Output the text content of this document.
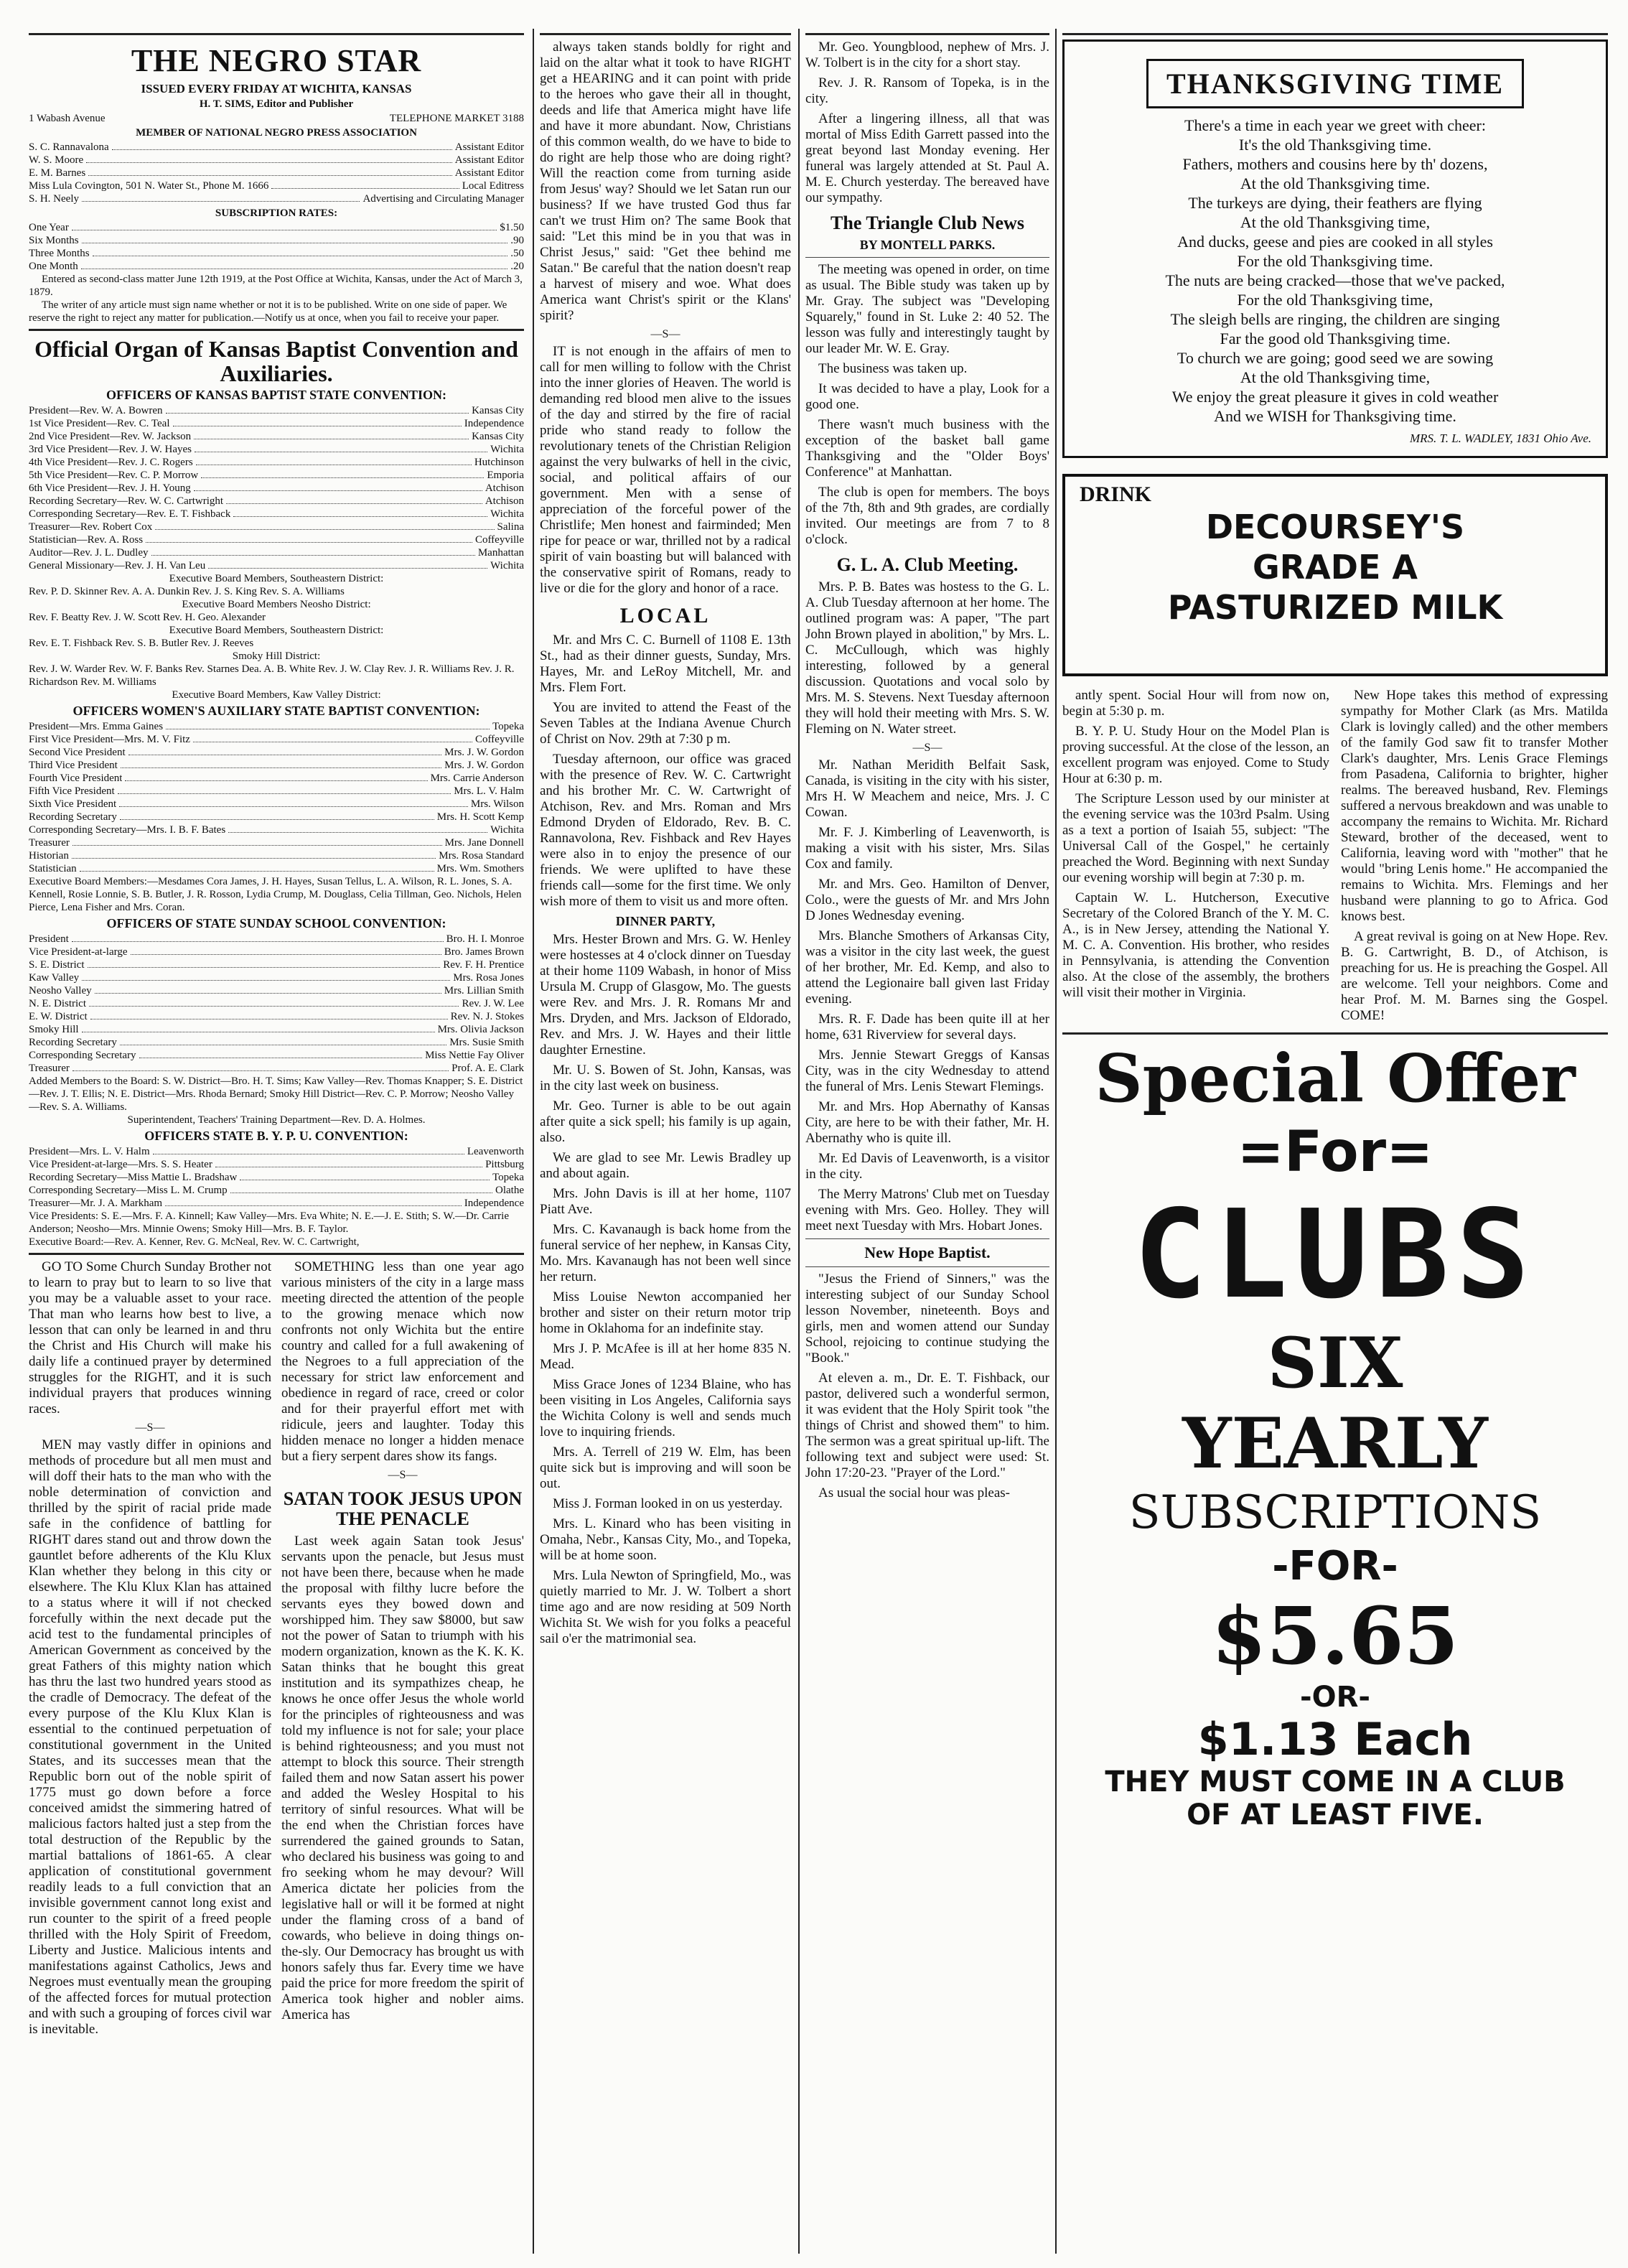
THE NEGRO STAR
ISSUED EVERY FRIDAY AT WICHITA, KANSAS
H. T. SIMS, Editor and Publisher
1 Wabash Avenue	TELEPHONE MARKET 3188
MEMBER OF NATIONAL NEGRO PRESS ASSOCIATION
S. C. Rannavalona	Assistant Editor
W. S. Moore	Assistant Editor
E. M. Barnes	Assistant Editor
Miss Lula Covington, 501 N. Water St., Phone M. 1666	Local Editress
S. H. Neely	Advertising and Circulating Manager
SUBSCRIPTION RATES:
One Year	$1.50
Six Months	.90
Three Months	.50
One Month	.20
Entered as second-class matter June 12th 1919, at the Post Office at Wichita, Kansas, under the Act of March 3, 1879.
The writer of any article must sign name whether or not it is to be published. Write on one side of paper. We reserve the right to reject any matter for publication.—Notify us at once, when you fail to receive your paper.
Official Organ of Kansas Baptist Convention and Auxiliaries.
OFFICERS OF KANSAS BAPTIST STATE CONVENTION:
President—Rev. W. A. Bowren	Kansas City
1st Vice President—Rev. C. Teal	Independence
2nd Vice President—Rev. W. Jackson	Kansas City
3rd Vice President—Rev. J. W. Hayes	Wichita
4th Vice President—Rev. J. C. Rogers	Hutchinson
5th Vice President—Rev. C. P. Morrow	Emporia
6th Vice President—Rev. J. H. Young	Atchison
Recording Secretary—Rev. W. C. Cartwright	Atchison
Corresponding Secretary—Rev. E. T. Fishback	Wichita
Treasurer—Rev. Robert Cox	Salina
Statistician—Rev. A. Ross	Coffeyville
Auditor—Rev. J. L. Dudley	Manhattan
General Missionary—Rev. J. H. Van Leu	Wichita
Executive Board Members, Southeastern District:
Rev. P. D. Skinner Rev. A. A. Dunkin Rev. J. S. King Rev. S. A. Williams
Executive Board Members Neosho District:
Rev. F. Beatty Rev. J. W. Scott Rev. H. Geo. Alexander
Executive Board Members, Southeastern District:
Rev. E. T. Fishback Rev. S. B. Butler Rev. J. Reeves
Smoky Hill District:
Rev. J. W. Warder Rev. W. F. Banks Rev. Starnes Dea. A. B. White Rev. J. W. Clay Rev. J. R. Williams Rev. J. R. Richardson Rev. M. Williams
Executive Board Members, Kaw Valley District:
OFFICERS WOMEN'S AUXILIARY STATE BAPTIST CONVENTION:
President—Mrs. Emma Gaines	Topeka
First Vice President—Mrs. M. V. Fitz	Coffeyville
Second Vice President	Mrs. J. W. Gordon
Third Vice President	Mrs. J. W. Gordon
Fourth Vice President	Mrs. Carrie Anderson
Fifth Vice President	Mrs. L. V. Halm
Sixth Vice President	Mrs. Wilson
Recording Secretary	Mrs. H. Scott Kemp
Corresponding Secretary—Mrs. I. B. F. Bates	Wichita
Treasurer	Mrs. Jane Donnell
Historian	Mrs. Rosa Standard
Statistician	Mrs. Wm. Smothers
Executive Board Members:—Mesdames Cora James, J. H. Hayes, Susan Tellus, L. A. Wilson, R. L. Jones, S. A. Kennell, Rosie Lonnie, S. B. Butler, J. R. Rosson, Lydia Crump, M. Douglass, Celia Tillman, Geo. Nichols, Helen Pierce, Lena Fisher and Mrs. Coran.
OFFICERS OF STATE SUNDAY SCHOOL CONVENTION:
President	Bro. H. I. Monroe
Vice President-at-large	Bro. James Brown
S. E. District	Rev. F. H. Prentice
Kaw Valley	Mrs. Rosa Jones
Neosho Valley	Mrs. Lillian Smith
N. E. District	Rev. J. W. Lee
E. W. District	Rev. N. J. Stokes
Smoky Hill	Mrs. Olivia Jackson
Recording Secretary	Mrs. Susie Smith
Corresponding Secretary	Miss Nettie Fay Oliver
Treasurer	Prof. A. E. Clark
Added Members to the Board: S. W. District—Bro. H. T. Sims; Kaw Valley—Rev. Thomas Knapper; S. E. District—Rev. J. T. Ellis; N. E. District—Mrs. Rhoda Bernard; Smoky Hill District—Rev. C. P. Morrow; Neosho Valley—Rev. S. A. Williams.
Superintendent, Teachers' Training Department—Rev. D. A. Holmes.
OFFICERS STATE B. Y. P. U. CONVENTION:
President—Mrs. L. V. Halm	Leavenworth
Vice President-at-large—Mrs. S. S. Heater	Pittsburg
Recording Secretary—Miss Mattie L. Bradshaw	Topeka
Corresponding Secretary—Miss L. M. Crump	Olathe
Treasurer—Mr. J. A. Markham	Independence
Vice Presidents: S. E.—Mrs. F. A. Kinnell; Kaw Valley—Mrs. Eva White; N. E.—J. E. Stith; S. W.—Dr. Carrie Anderson; Neosho—Mrs. Minnie Owens; Smoky Hill—Mrs. B. F. Taylor.
Executive Board:—Rev. A. Kenner, Rev. G. McNeal, Rev. W. C. Cartwright,

GO TO Some Church Sunday Brother not to learn to pray but to learn to so live that you may be a valuable asset to your race. That man who learns how best to live, a lesson that can only be learned in and thru the Christ and His Church will make his daily life a continued prayer by determined struggles for the RIGHT, and it is such individual prayers that produces winning races.

—S—

MEN may vastly differ in opinions and methods of procedure but all men must and will doff their hats to the man who with the noble determination of conviction and thrilled by the spirit of racial pride made safe in the confidence of battling for RIGHT dares stand out and throw down the gauntlet before adherents of the Klu Klux Klan whether they belong in this city or elsewhere. The Klu Klux Klan has attained to a status where it will if not checked forcefully within the next decade put the acid test to the fundamental principles of American Government as conceived by the great Fathers of this mighty nation which has thru the last two hundred years stood as the cradle of Democracy. The defeat of the every purpose of the Klu Klux Klan is essential to the continued perpetuation of constitutional government in the United States, and its successes mean that the Republic born out of the noble spirit of 1775 must go down before a force conceived amidst the simmering hatred of malicious factors halted just a step from the total destruction of the Republic by the martial battalions of 1861-65. A clear application of constitutional government readily leads to a full conviction that an invisible government cannot long exist and run counter to the spirit of a freed people thrilled with the Holy Spirit of Freedom, Liberty and Justice. Malicious intents and manifestations against Catholics, Jews and Negroes must eventually mean the grouping of the affected forces for mutual protection and with such a grouping of forces civil war is inevitable.

SOMETHING less than one year ago various ministers of the city in a large mass meeting directed the attention of the people to the growing menace which now confronts not only Wichita but the entire country and called for a full awakening of the Negroes to a full appreciation of the necessary for strict law enforcement and obedience in regard of race, creed or color and for their prayerful effort met with ridicule, jeers and laughter. Today this hidden menace no longer a hidden menace but a fiery serpent dares show its fangs.

—S—
SATAN TOOK JESUS UPON THE PENACLE

Last week again Satan took Jesus' servants upon the penacle, but Jesus must not have been there, because when he made the proposal with filthy lucre before the servants eyes they bowed down and worshipped him. They saw $8000, but saw not the power of Satan to triumph with his modern organization, known as the K. K. K. Satan thinks that he bought this great institution and its sympathizes cheap, he knows he once offer Jesus the whole world for the principles of righteousness and was told my influence is not for sale; your place is behind righteousness; and you must not attempt to block this source. Their strength failed them and now Satan assert his power and added the Wesley Hospital to his territory of sinful resources. What will be the end when the Christian forces have surrendered the gained grounds to Satan, who declared his business was going to and fro seeking whom he may devour? Will America dictate her policies from the legislative hall or will it be formed at night under the flaming cross of a band of cowards, who believe in doing things on-the-sly. Our Democracy has brought us with honors safely thus far. Every time we have paid the price for more freedom the spirit of America took higher and nobler aims. America has

always taken stands boldly for right and laid on the altar what it took to have RIGHT get a HEARING and it can point with pride to the heroes who gave their all in thought, deeds and life that America might have life and have it more abundant. Now, Christians of this common wealth, do we have to bide to do right are help those who are doing right? Will the reaction come from turning aside from Jesus' way? Should we let Satan run our business? If we have trusted God thus far can't we trust Him on? The same Book that said: "Let this mind be in you that was in Christ Jesus," said: "Get thee behind me Satan." Be careful that the nation doesn't reap a harvest of misery and woe. What does America want Christ's spirit or the Klans' spirit?

—S—

IT is not enough in the affairs of men to call for men willing to follow with the Christ into the inner glories of Heaven. The world is demanding red blood men alive to the issues of the day and stirred by the fire of racial pride who stand ready to follow the revolutionary tenets of the Christian Religion against the very bulwarks of hell in the civic, social, and political affairs of our government. Men with a sense of appreciation of the forceful power of the Christlife; Men honest and fairminded; Men ripe for peace or war, thrilled not by a radical spirit of vain boasting but will balanced with the conservative spirit of Romans, ready to live or die for the glory and honor of a race.

LOCAL

Mr. and Mrs C. C. Burnell of 1108 E. 13th St., had as their dinner guests, Sunday, Mrs. Hayes, Mr. and LeRoy Mitchell, Mr. and Mrs. Flem Fort.

You are invited to attend the Feast of the Seven Tables at the Indiana Avenue Church of Christ on Nov. 29th at 7:30 p m.

Tuesday afternoon, our office was graced with the presence of Rev. W. C. Cartwright and his brother Mr. C. W. Cartwright of Atchison, Rev. and Mrs. Roman and Mrs Edmond Dryden of Eldorado, Rev. B. C. Rannavolona, Rev. Fishback and Rev Hayes were also in to enjoy the presence of our friends. We were uplifted to have these friends call—some for the first time. We only wish more of them to visit us and more often.

DINNER PARTY,

Mrs. Hester Brown and Mrs. G. W. Henley were hostesses at 4 o'clock dinner on Tuesday at their home 1109 Wabash, in honor of Miss Ursula M. Crupp of Glasgow, Mo. The guests were Rev. and Mrs. J. R. Romans Mr and Mrs. Dryden, and Mrs. Jackson of Eldorado, Rev. and Mrs. J. W. Hayes and their little daughter Ernestine.

Mr. U. S. Bowen of St. John, Kansas, was in the city last week on business.

Mr. Geo. Turner is able to be out again after quite a sick spell; his family is up again, also.

We are glad to see Mr. Lewis Bradley up and about again.

Mrs. John Davis is ill at her home, 1107 Piatt Ave.

Mrs. C. Kavanaugh is back home from the funeral service of her nephew, in Kansas City, Mo. Mrs. Kavanaugh has not been well since her return.

Miss Louise Newton accompanied her brother and sister on their return motor trip home in Oklahoma for an indefinite stay.

Mrs J. P. McAfee is ill at her home 835 N. Mead.

Miss Grace Jones of 1234 Blaine, who has been visiting in Los Angeles, California says the Wichita Colony is well and sends much love to inquiring friends.

Mrs. A. Terrell of 219 W. Elm, has been quite sick but is improving and will soon be out.

Miss J. Forman looked in on us yesterday.

Mrs. L. Kinard who has been visiting in Omaha, Nebr., Kansas City, Mo., and Topeka, will be at home soon.

Mrs. Lula Newton of Springfield, Mo., was quietly married to Mr. J. W. Tolbert a short time ago and are now residing at 509 North Wichita St. We wish for you folks a peaceful sail o'er the matrimonial sea.

Mr. Geo. Youngblood, nephew of Mrs. J. W. Tolbert is in the city for a short stay.

Rev. J. R. Ransom of Topeka, is in the city.

After a lingering illness, all that was mortal of Miss Edith Garrett passed into the great beyond last Monday evening. Her funeral was largely attended at St. Paul A. M. E. Church yesterday. The bereaved have our sympathy.

The Triangle Club News
BY MONTELL PARKS.

The meeting was opened in order, on time as usual. The Bible study was taken up by Mr. Gray. The subject was "Developing Squarely," found in St. Luke 2: 40 52. The lesson was fully and interestingly taught by our leader Mr. W. E. Gray.

The business was taken up.

It was decided to have a play, Look for a good one.

There wasn't much business with the exception of the basket ball game Thanksgiving and the "Older Boys' Conference" at Manhattan.

The club is open for members. The boys of the 7th, 8th and 9th grades, are cordially invited. Our meetings are from 7 to 8 o'clock.

G. L. A. Club Meeting.

Mrs. P. B. Bates was hostess to the G. L. A. Club Tuesday afternoon at her home. The outlined program was: A paper, "The part John Brown played in abolition," by Mrs. L. C. McCullough, which was highly interesting, followed by a general discussion. Quotations and vocal solo by Mrs. M. S. Stevens. Next Tuesday afternoon they will hold their meeting with Mrs. S. W. Fleming on N. Water street.

—S—

Mr. Nathan Meridith Belfait Sask, Canada, is visiting in the city with his sister, Mrs H. W Meachem and neice, Mrs. J. C Cowan.

Mr. F. J. Kimberling of Leavenworth, is making a visit with his sister, Mrs. Silas Cox and family.

Mr. and Mrs. Geo. Hamilton of Denver, Colo., were the guests of Mr. and Mrs John D Jones Wednesday evening.

Mrs. Blanche Smothers of Arkansas City, was a visitor in the city last week, the guest of her brother, Mr. Ed. Kemp, and also to attend the Legionaire ball given last Friday evening.

Mrs. R. F. Dade has been quite ill at her home, 631 Riverview for several days.

Mrs. Jennie Stewart Greggs of Kansas City, was in the city Wednesday to attend the funeral of Mrs. Lenis Stewart Flemings.

Mr. and Mrs. Hop Abernathy of Kansas City, are here to be with their father, Mr. H. Abernathy who is quite ill.

Mr. Ed Davis of Leavenworth, is a visitor in the city.

The Merry Matrons' Club met on Tuesday evening with Mrs. Geo. Holley. They will meet next Tuesday with Mrs. Hobart Jones.

New Hope Baptist.

"Jesus the Friend of Sinners," was the interesting subject of our Sunday School lesson November, nineteenth. Boys and girls, men and women attend our Sunday School, rejoicing to continue studying the "Book."

At eleven a. m., Dr. E. T. Fishback, our pastor, delivered such a wonderful sermon, it was evident that the Holy Spirit took "the things of Christ and showed them" to him. The sermon was a great spiritual up-lift. The following text and subject were used: St. John 17:20-23. "Prayer of the Lord."

As usual the social hour was pleas-

THANKSGIVING TIME
There's a time in each year we greet with cheer:
It's the old Thanksgiving time.
Fathers, mothers and cousins here by th' dozens,
At the old Thanksgiving time.
The turkeys are dying, their feathers are flying
At the old Thanksgiving time,
And ducks, geese and pies are cooked in all styles
For the old Thanksgiving time.
The nuts are being cracked—those that we've packed,
For the old Thanksgiving time,
The sleigh bells are ringing, the children are singing
Far the good old Thanksgiving time.
To church we are going; good seed we are sowing
At the old Thanksgiving time,
We enjoy the great pleasure it gives in cold weather
And we WISH for Thanksgiving time.
MRS. T. L. WADLEY, 1831 Ohio Ave.
DRINK
DECOURSEY'S
GRADE A
PASTURIZED MILK

antly spent. Social Hour will from now on, begin at 5:30 p. m.

B. Y. P. U. Study Hour on the Model Plan is proving successful. At the close of the lesson, an excellent program was enjoyed. Come to Study Hour at 6:30 p. m.

The Scripture Lesson used by our minister at the evening service was the 103rd Psalm. Using as a text a portion of Isaiah 55, subject: "The Universal Call of the Gospel," he certainly preached the Word. Beginning with next Sunday our evening worship will begin at 7:30 p. m.

Captain W. L. Hutcherson, Executive Secretary of the Colored Branch of the Y. M. C. A., is in New Jersey, attending the National Y. M. C. A. Convention. His brother, who resides in Pennsylvania, is attending the Convention also. At the close of the assembly, the brothers will visit their mother in Virginia.

New Hope takes this method of expressing sympathy for Mother Clark (as Mrs. Matilda Clark is lovingly called) and the other members of the family God saw fit to transfer Mother Clark's daughter, Mrs. Lenis Grace Flemings from Pasadena, California to brighter, higher realms. The bereaved husband, Rev. Flemings suffered a nervous breakdown and was unable to accompany the remains to Wichita. Mr. Richard Steward, brother of the deceased, went to California, leaving word with "mother" that he would "bring Lenis home." He accompanied the remains to Wichita. Mrs. Flemings and her husband were planning to go to Africa. God knows best.

A great revival is going on at New Hope. Rev. B. G. Cartwright, B. D., of Atchison, is preaching for us. He is preaching the Gospel. All are welcome. Tell your neighbors. Come and hear Prof. M. M. Barnes sing the Gospel. COME!

Special Offer
=For=
CLUBS
SIX
YEARLY
SUBSCRIPTIONS
-FOR-
$5.65
-OR-
$1.13 Each
THEY MUST COME IN A CLUB
OF AT LEAST FIVE.
